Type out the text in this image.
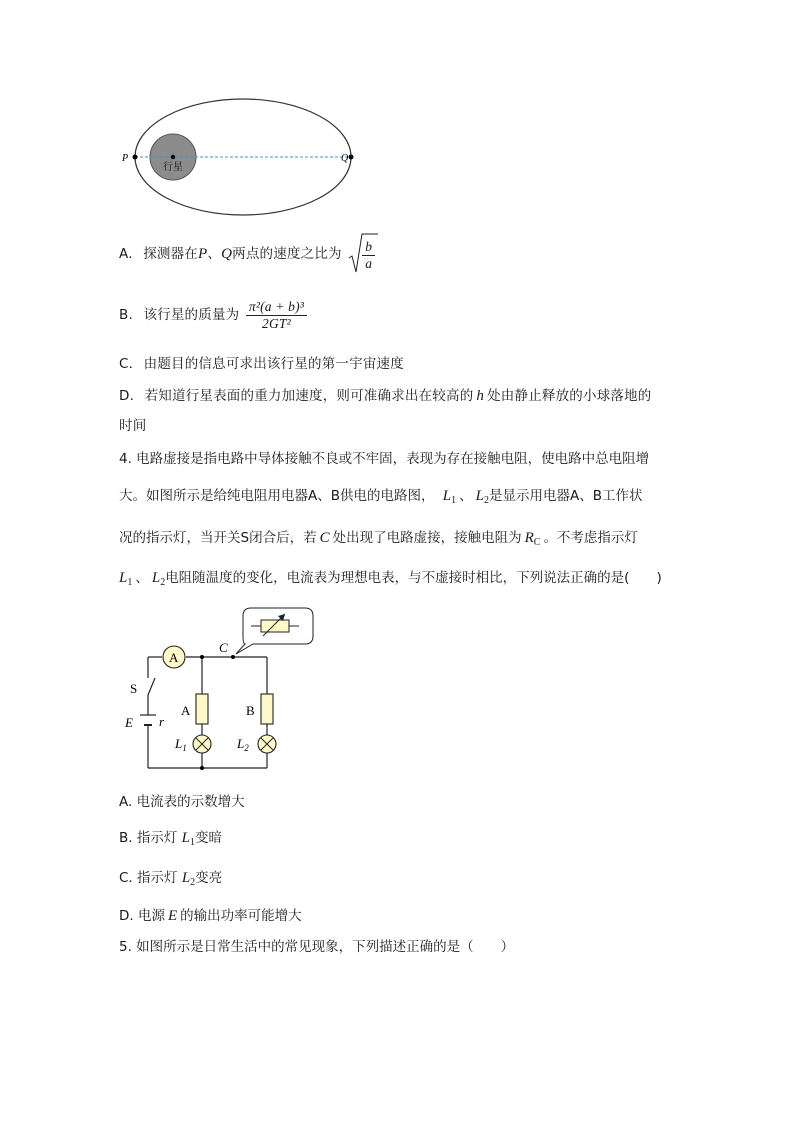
行星
P	Q
A. 探测器在P、Q两点的速度之比为 $\frac{b}{a}$
B. 该行星的质量为 $\frac{\text{π²(a + b)³}}{\text{2GT²}}$
C. 由题目的信息可求出该行星的第一宇宙速度
D. 若知道行星表面的重力加速度，则可准确求出在较高的 h 处由静止释放的小球落地的
时间
4. 电路虚接是指电路中导体接触不良或不牢固，表现为存在接触电阻，使电路中总电阻增
大。如图所示是给纯电阻用电器A、B供电的电路图， $L_1$ 、 $L_2$是显示用电器A、B工作状
况的指示灯，当开关S闭合后，若 C 处出现了电路虚接，接触电阻为 $R_C$ 。不考虑指示灯
$L_1$ 、 $L_2$电阻随温度的变化，电流表为理想电表，与不虚接时相比，下列说法正确的是(　　)
A
S
E r
C
A	B
$L_1$	$L_2$
A. 电流表的示数增大
B. 指示灯 $L_1$变暗
C. 指示灯 $L_2$变亮
D. 电源 E 的输出功率可能增大
5. 如图所示是日常生活中的常见现象，下列描述正确的是（　　）
